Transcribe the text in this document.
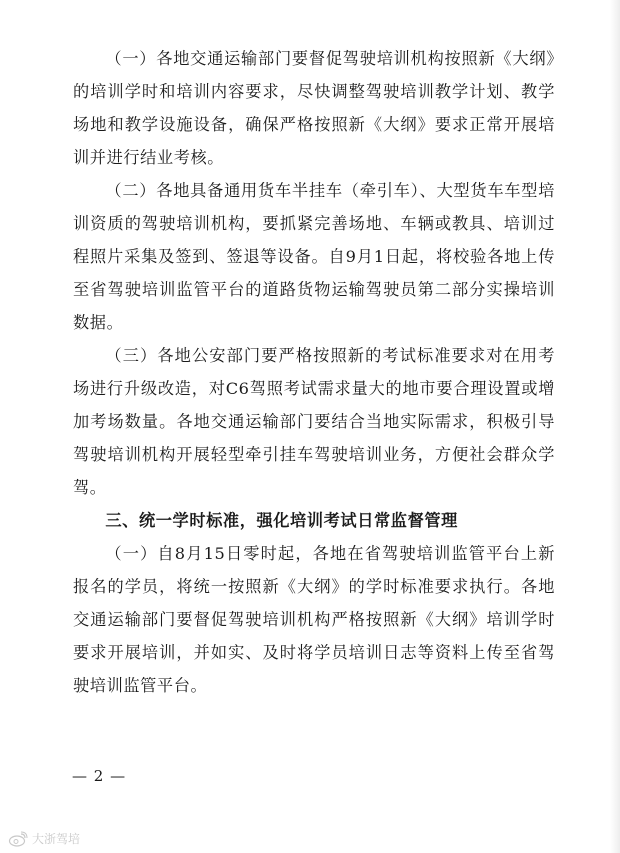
（一）各地交通运输部门要督促驾驶培训机构按照新《大纲》的培训学时和培训内容要求，尽快调整驾驶培训教学计划、教学场地和教学设施设备，确保严格按照新《大纲》要求正常开展培训并进行结业考核。

（二）各地具备通用货车半挂车（牵引车）、大型货车车型培训资质的驾驶培训机构，要抓紧完善场地、车辆或教具、培训过程照片采集及签到、签退等设备。自9月1日起，将校验各地上传至省驾驶培训监管平台的道路货物运输驾驶员第二部分实操培训数据。

（三）各地公安部门要严格按照新的考试标准要求对在用考场进行升级改造，对C6驾照考试需求量大的地市要合理设置或增加考场数量。各地交通运输部门要结合当地实际需求，积极引导驾驶培训机构开展轻型牵引挂车驾驶培训业务，方便社会群众学驾。

三、统一学时标准，强化培训考试日常监督管理

（一）自8月15日零时起，各地在省驾驶培训监管平台上新报名的学员，将统一按照新《大纲》的学时标准要求执行。各地交通运输部门要督促驾驶培训机构严格按照新《大纲》培训学时要求开展培训，并如实、及时将学员培训日志等资料上传至省驾驶培训监管平台。

— 2 —
大浙驾培
